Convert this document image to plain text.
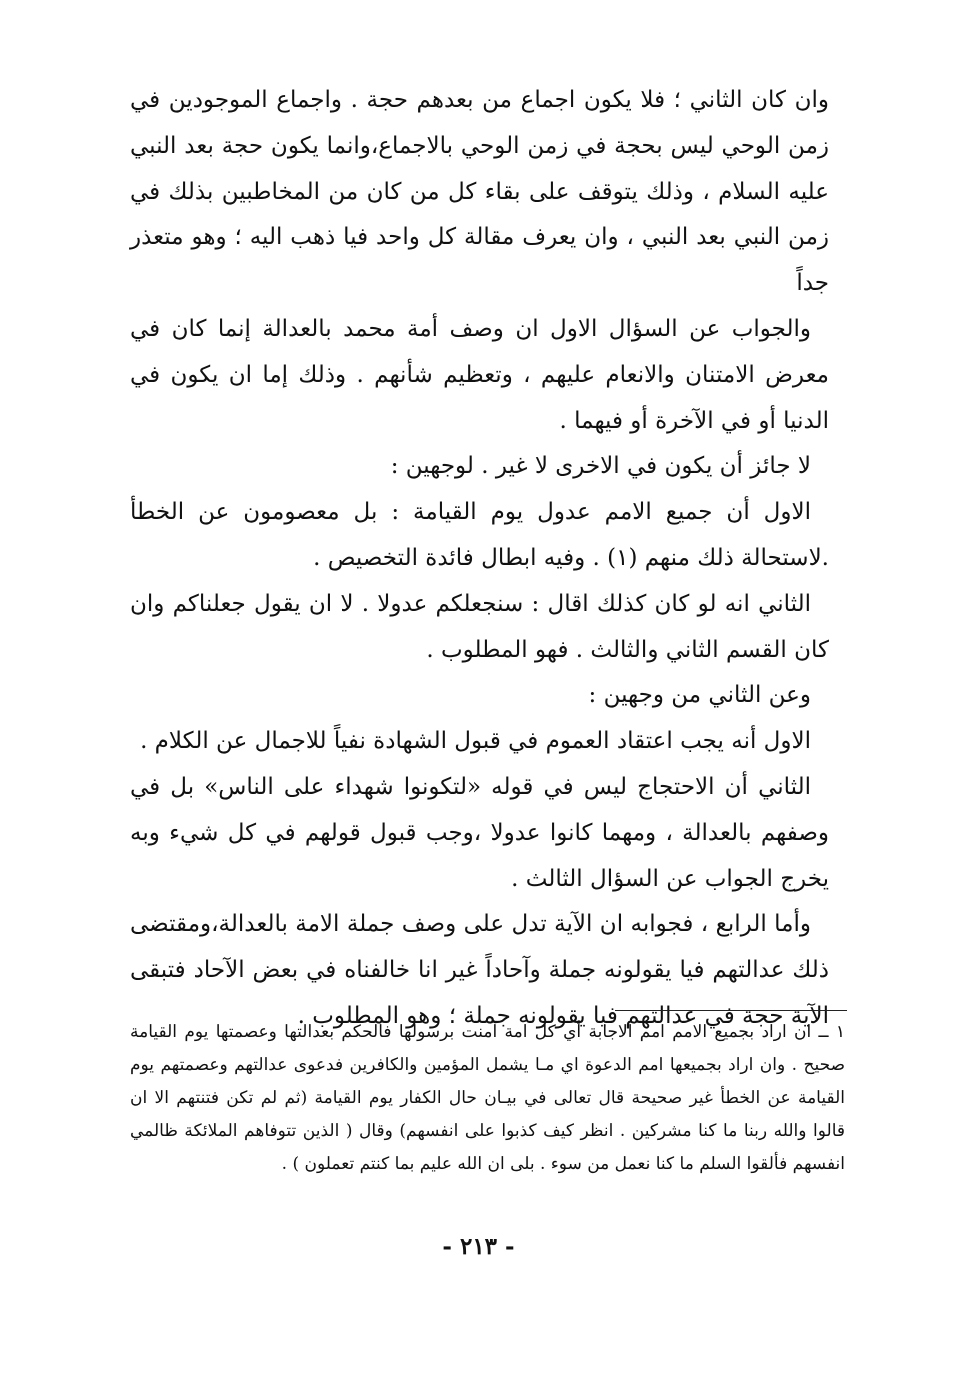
وان كان الثاني ؛ فلا يكون اجماع من بعدهم حجة . واجماع الموجودين في زمن الوحي ليس بحجة في زمن الوحي بالاجماع،وانما يكون حجة بعد النبي عليه السلام ، وذلك يتوقف على بقاء كل من كان من المخاطبين بذلك في زمن النبي بعد النبي ، وان يعرف مقالة كل واحد فيا ذهب اليه ؛ وهو متعذر جداً

والجواب عن السؤال الاول ان وصف أمة محمد بالعدالة إنما كان في معرض الامتنان والانعام عليهم ، وتعظيم شأنهم . وذلك إما ان يكون في الدنيا أو في الآخرة أو فيهما .

لا جائز أن يكون في الاخرى لا غير . لوجهين :

الاول أن جميع الامم عدول يوم القيامة : بل معصومون عن الخطأ .لاستحالة ذلك منهم (١) . وفيه ابطال فائدة التخصيص .

الثاني انه لو كان كذلك اقال : سنجعلكم عدولا . لا ان يقول جعلناكم وان كان القسم الثاني والثالث . فهو المطلوب .

وعن الثاني من وجهين :

الاول أنه يجب اعتقاد العموم في قبول الشهادة نفياً للاجمال عن الكلام .

الثاني أن الاحتجاج ليس في قوله «لتكونوا شهداء على الناس» بل في وصفهم بالعدالة ، ومهما كانوا عدولا ،وجب قبول قولهم في كل شيء وبه يخرج الجواب عن السؤال الثالث .

وأما الرابع ، فجوابه ان الآية تدل على وصف جملة الامة بالعدالة،ومقتضى ذلك عدالتهم فيا يقولونه جملة وآحاداً غير انا خالفناه في بعض الآحاد فتبقى الآية حجة في عدالتهم فيا يقولونه جملة ؛ وهو المطلوب .

١ ــ ان اراد بجميع الامم امم الاجابة أي كل امة آمنت برسولها فالحكم بعدالتها وعصمتها يوم القيامة صحيح . وان اراد بجميعها امم الدعوة اي مـا يشمل المؤمين والكافرين فدعوى عدالتهم وعصمتهم يوم القيامة عن الخطأ غير صحيحة قال تعالى في بيـان حال الكفار يوم القيامة (ثم لم تكن فتنتهم الا ان قالوا والله ربنا ما كنا مشركين . انظر كيف كذبوا على انفسهم) وقال ( الذين تتوفاهم الملائكة ظالمي انفسهم فألقوا السلم ما كنا نعمل من سوء . بلى ان الله عليم بما كنتم تعملون ) .

- ٢١٣ -
